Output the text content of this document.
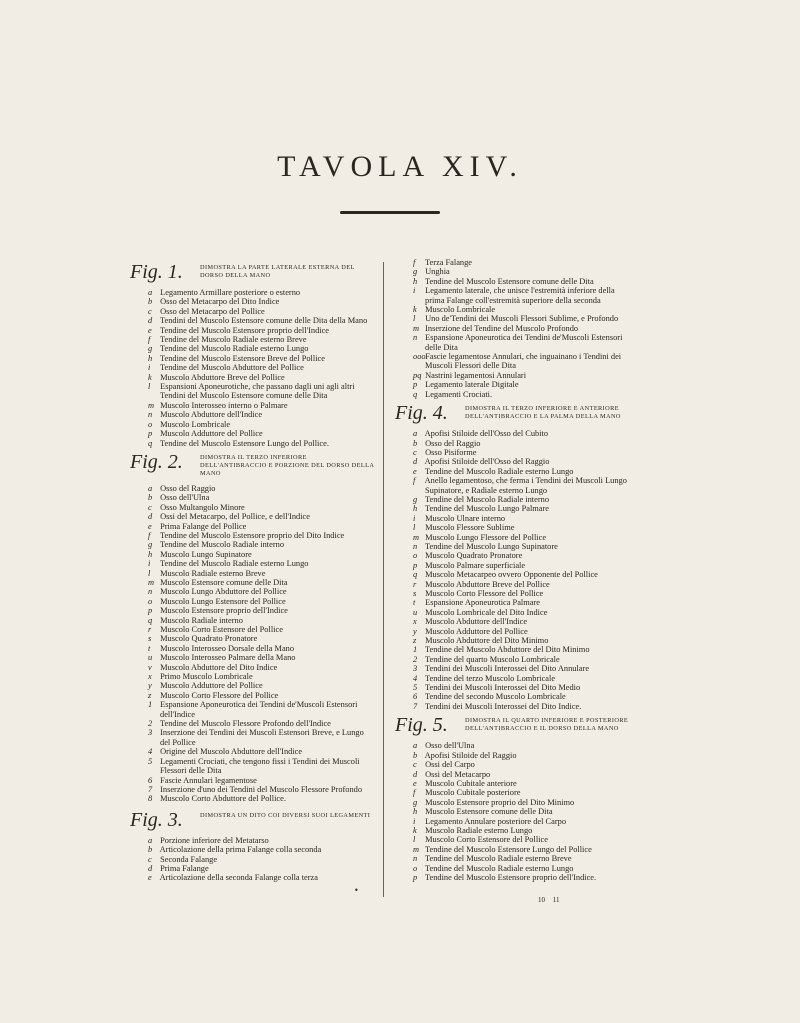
TAVOLA XIV.
Fig. 1.	DIMOSTRA LA PARTE LATERALE ESTERNA DEL DORSO DELLA MANO
a Legamento Armillare posteriore o esterno
b Osso del Metacarpo del Dito Indice
c Osso del Metacarpo del Pollice
d Tendini del Muscolo Estensore comune delle Dita della Mano
e Tendine del Muscolo Estensore proprio dell'Indice
f Tendine del Muscolo Radiale esterno Breve
g Tendine del Muscolo Radiale esterno Lungo
h Tendine del Muscolo Estensore Breve del Pollice
i Tendine del Muscolo Abduttore del Pollice
k Muscolo Abduttore Breve del Pollice
l Espansioni Aponeurotiche, che passano dagli uni agli altri Tendini del Muscolo Estensore comune delle Dita
m Muscolo Interosseo interno o Palmare
n Muscolo Abduttore dell'Indice
o Muscolo Lombricale
p Muscolo Adduttore del Pollice
q Tendine del Muscolo Estensore Lungo del Pollice.
Fig. 2.	DIMOSTRA IL TERZO INFERIORE DELL'ANTIBRACCIO E PORZIONE DEL DORSO DELLA MANO
a Osso del Raggio
b Osso dell'Ulna
c Osso Multangolo Minore
d Ossi del Metacarpo, del Pollice, e dell'Indice
e Prima Falange del Pollice
f Tendine del Muscolo Estensore proprio del Dito Indice
g Tendine del Muscolo Radiale interno
h Muscolo Lungo Supinatore
i Tendine del Muscolo Radiale esterno Lungo
l Muscolo Radiale esterno Breve
m Muscolo Estensore comune delle Dita
n Muscolo Lungo Abduttore del Pollice
o Muscolo Lungo Estensore del Pollice
p Muscolo Estensore proprio dell'Indice
q Muscolo Radiale interno
r Muscolo Corto Estensore del Pollice
s Muscolo Quadrato Pronatore
t Muscolo Interosseo Dorsale della Mano
u Muscolo Interosseo Palmare della Mano
v Muscolo Abduttore del Dito Indice
x Primo Muscolo Lombricale
y Muscolo Adduttore del Pollice
z Muscolo Corto Flessore del Pollice
1 Espansione Aponeurotica dei Tendini de'Muscoli Estensori dell'Indice
2 Tendine del Muscolo Flessore Profondo dell'Indice
3 Inserzione dei Tendini dei Muscoli Estensori Breve, e Lungo del Pollice
4 Origine del Muscolo Abduttore dell'Indice
5 Legamenti Crociati, che tengono fissi i Tendini dei Muscoli Flessori delle Dita
6 Fascie Annulari legamentose
7 Inserzione d'uno dei Tendini del Muscolo Flessore Profondo
8 Muscolo Corto Abduttore del Pollice.
Fig. 3.	DIMOSTRA UN DITO COI DIVERSI SUOI LEGAMENTI
a Porzione inferiore del Metatarso
b Articolazione della prima Falange colla seconda
c Seconda Falange
d Prima Falange
e Articolazione della seconda Falange colla terza
f Terza Falange
g Unghia
h Tendine del Muscolo Estensore comune delle Dita
i Legamento laterale, che unisce l'estremità inferiore della prima Falange coll'estremità superiore della seconda
k Muscolo Lombricale
l Uno de'Tendini dei Muscoli Flessori Sublime, e Profondo
m Inserzione del Tendine del Muscolo Profondo
n Espansione Aponeurotica dei Tendini de'Muscoli Estensori delle Dita
ooo Fascie legamentose Annulari, che inguainano i Tendini dei Muscoli Flessori delle Dita
pq Nastrini legamentosi Annulari
p Legamento laterale Digitale
q Legamenti Crociati.
Fig. 4.	DIMOSTRA IL TERZO INFERIORE E ANTERIORE DELL'ANTIBRACCIO E LA PALMA DELLA MANO
a Apofisi Stiloide dell'Osso del Cubito
b Osso del Raggio
c Osso Pisiforme
d Apofisi Stiloide dell'Osso del Raggio
e Tendine del Muscolo Radiale esterno Lungo
f Anello legamentoso, che ferma i Tendini dei Muscoli Lungo Supinatore, e Radiale esterno Lungo
g Tendine del Muscolo Radiale interno
h Tendine del Muscolo Lungo Palmare
i Muscolo Ulnare interno
l Muscolo Flessore Sublime
m Muscolo Lungo Flessore del Pollice
n Tendine del Muscolo Lungo Supinatore
o Muscolo Quadrato Pronatore
p Muscolo Palmare superficiale
q Muscolo Metacarpeo ovvero Opponente del Pollice
r Muscolo Abduttore Breve del Pollice
s Muscolo Corto Flessore del Pollice
t Espansione Aponeurotica Palmare
u Muscolo Lombricale del Dito Indice
x Muscolo Abduttore dell'Indice
y Muscolo Adduttore del Pollice
z Muscolo Abduttore del Dito Minimo
1 Tendine del Muscolo Abduttore del Dito Minimo
2 Tendine del quarto Muscolo Lombricale
3 Tendini dei Muscoli Interossei del Dito Annulare
4 Tendine del terzo Muscolo Lombricale
5 Tendini dei Muscoli Interossei del Dito Medio
6 Tendine del secondo Muscolo Lombricale
7 Tendini dei Muscoli Interossei del Dito Indice.
Fig. 5.	DIMOSTRA IL QUARTO INFERIORE E POSTERIORE DELL'ANTIBRACCIO E IL DORSO DELLA MANO
a Osso dell'Ulna
b Apofisi Stiloide del Raggio
c Ossi del Carpo
d Ossi del Metacarpo
e Muscolo Cubitale anteriore
f Muscolo Cubitale posteriore
g Muscolo Estensore proprio del Dito Minimo
h Muscolo Estensore comune delle Dita
i Legamento Annulare posteriore del Carpo
k Muscolo Radiale esterno Lungo
l Muscolo Corto Estensore del Pollice
m Tendine del Muscolo Estensore Lungo del Pollice
n Tendine del Muscolo Radiale esterno Breve
o Tendine del Muscolo Radiale esterno Lungo
p Tendine del Muscolo Estensore proprio dell'Indice.
•
10 11
